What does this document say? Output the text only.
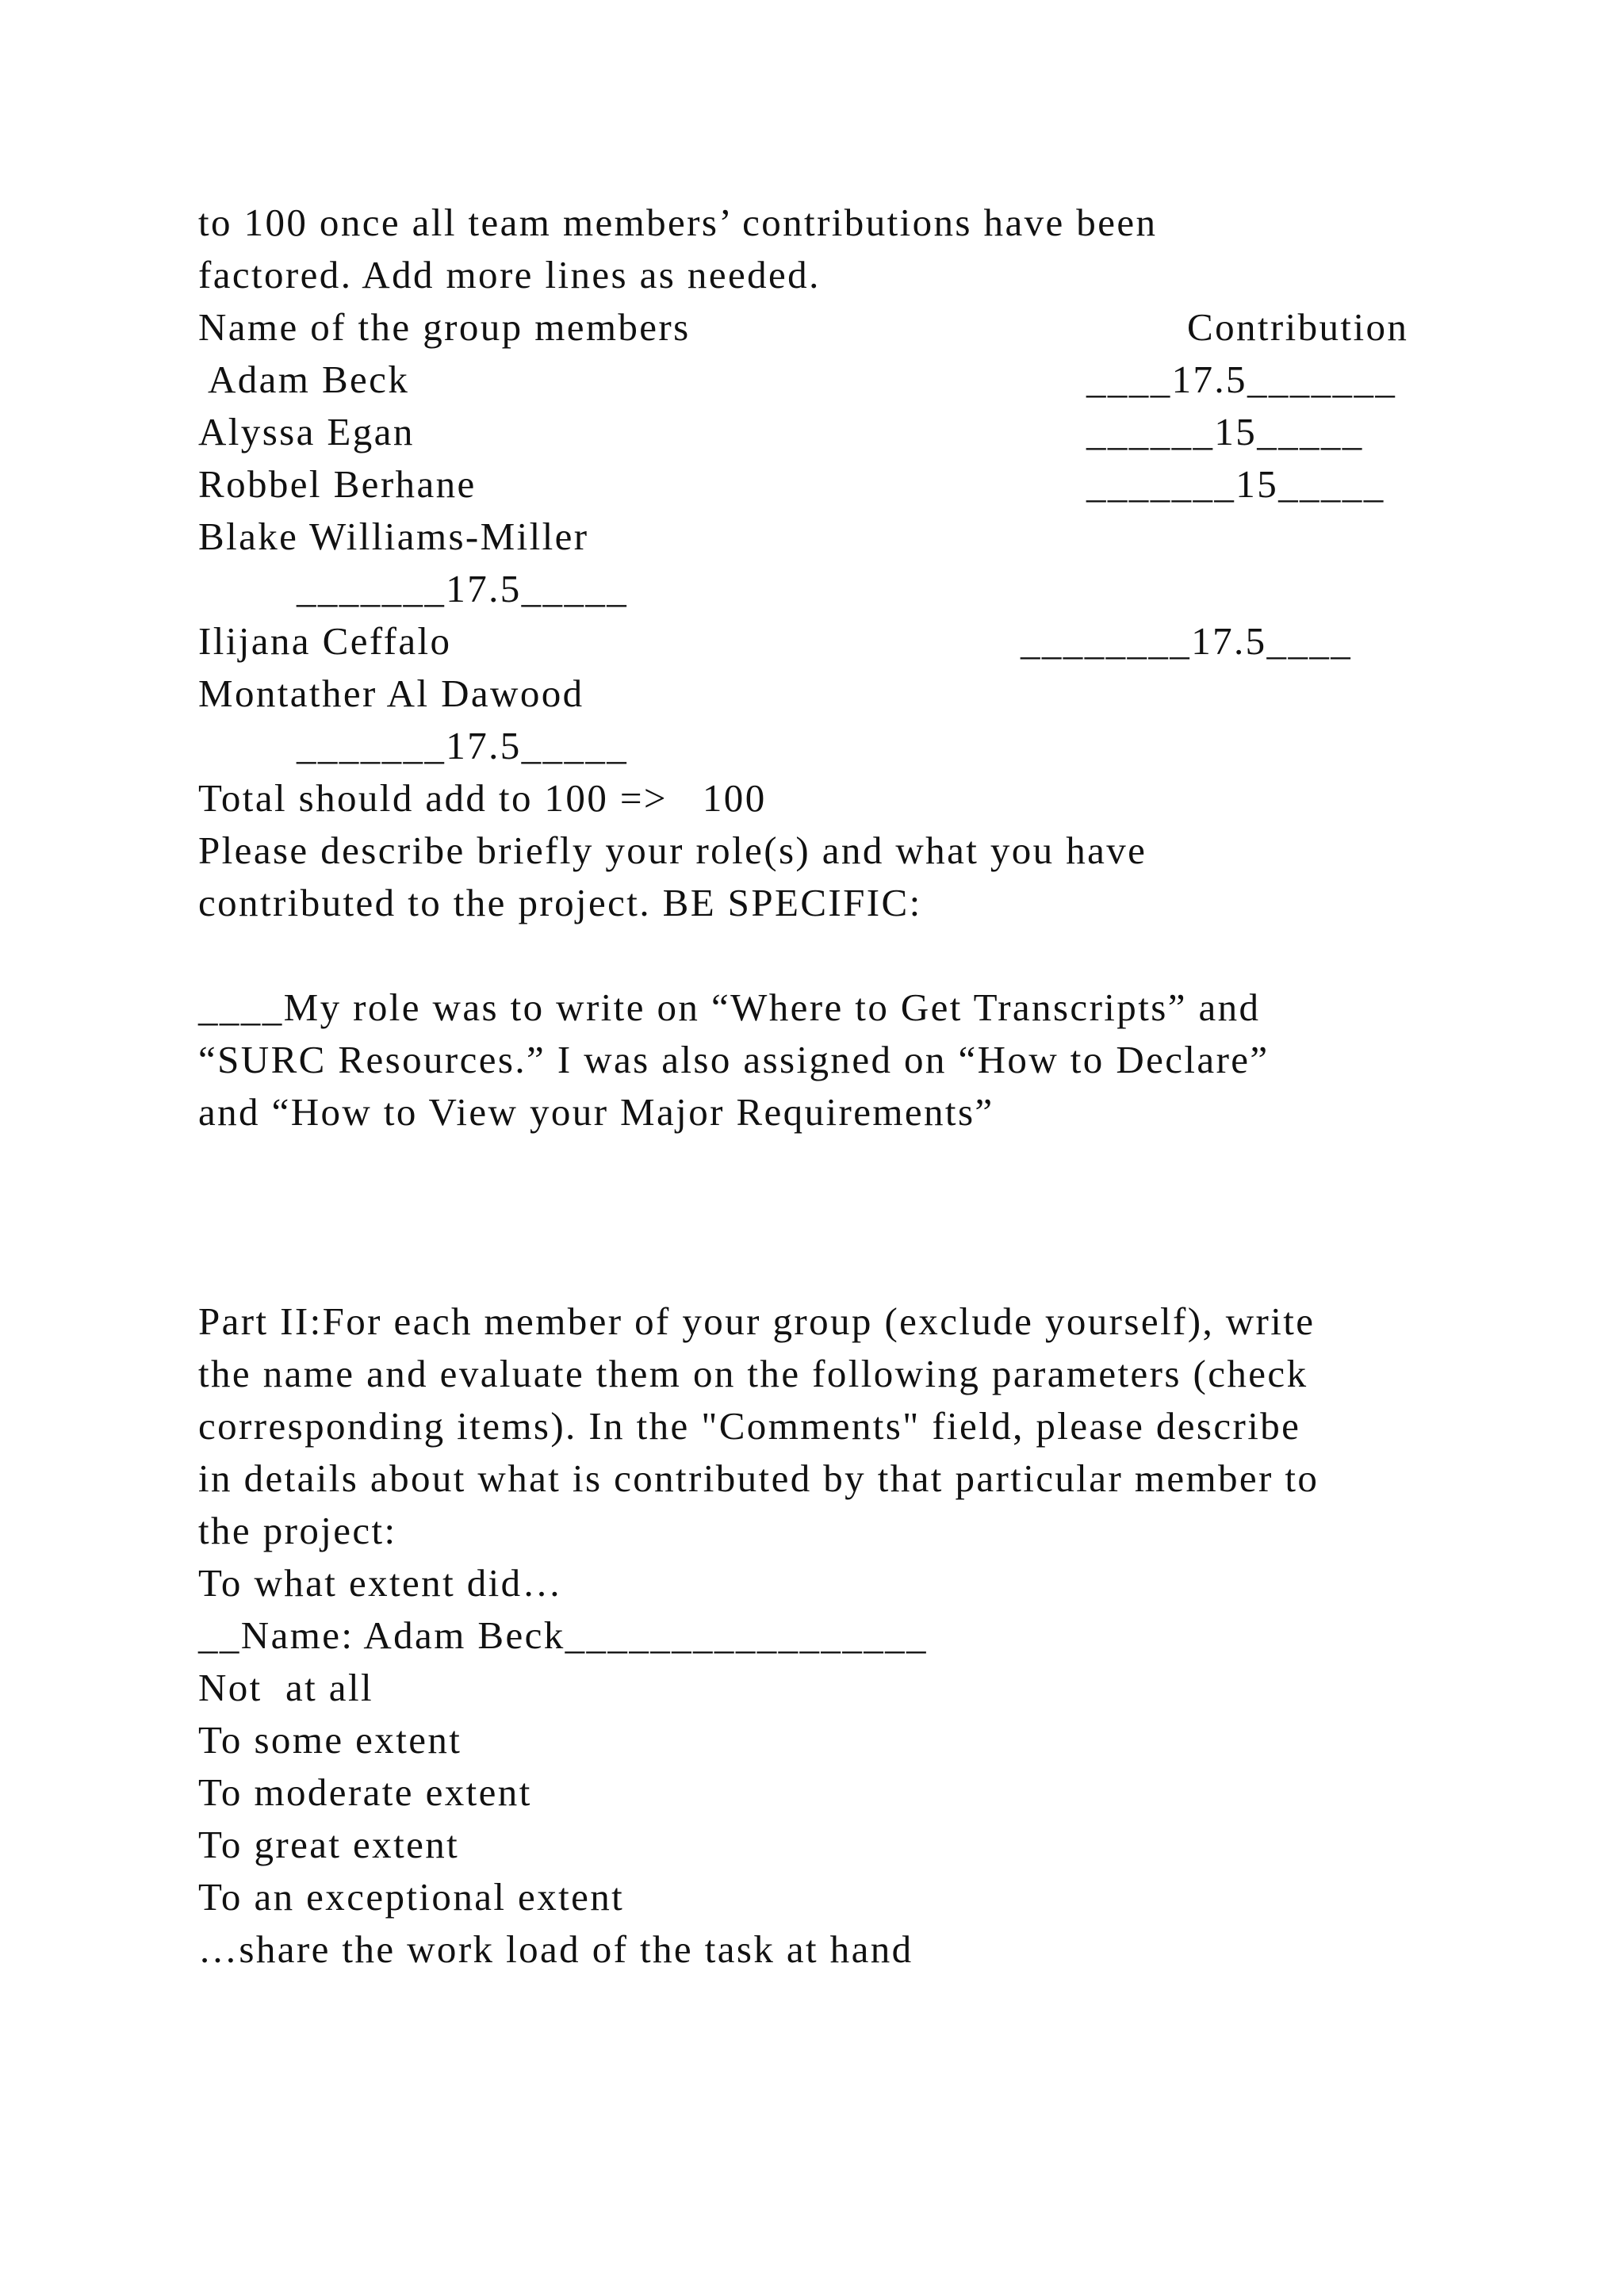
to 100 once all team members’ contributions have been

factored. Add more lines as needed.

Name of the group members	Contribution

Adam Beck	____17.5_______

Alyssa Egan	______15_____

Robbel Berhane	_______15_____

Blake Williams-Miller

_______17.5_____

Ilijana Ceffalo	________17.5____

Montather Al Dawood

_______17.5_____

Total should add to 100 =>   100

Please describe briefly your role(s) and what you have

contributed to the project. BE SPECIFIC:

____My role was to write on “Where to Get Transcripts” and

“SURC Resources.” I was also assigned on “How to Declare”

and “How to View your Major Requirements”

Part II:For each member of your group (exclude yourself), write

the name and evaluate them on the following parameters (check

corresponding items). In the "Comments" field, please describe

in details about what is contributed by that particular member to

the project:

To what extent did…

__Name: Adam Beck_________________

Not  at all

To some extent

To moderate extent

To great extent

To an exceptional extent

…share the work load of the task at hand
